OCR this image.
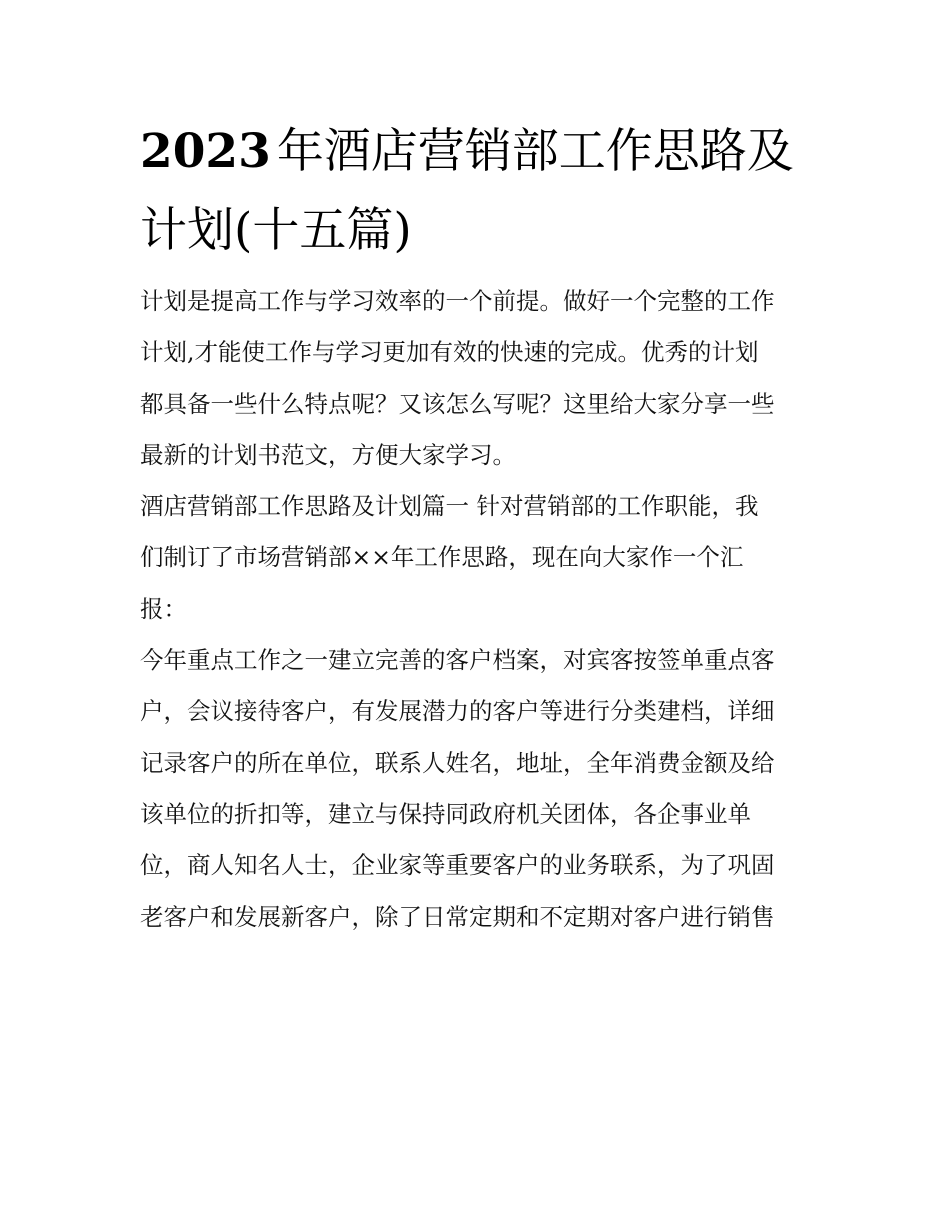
2023 年酒店营销部工作思路及
计划(十五篇)
计划是提高工作与学习效率的一个前提。做好一个完整的工作
计划,才能使工作与学习更加有效的快速的完成。优秀的计划
都具备一些什么特点呢？又该怎么写呢？这里给大家分享一些
最新的计划书范文，方便大家学习。
酒店营销部工作思路及计划篇一 针对营销部的工作职能，我
们制订了市场营销部××年工作思路，现在向大家作一个汇
报：
今年重点工作之一建立完善的客户档案，对宾客按签单重点客
户，会议接待客户，有发展潜力的客户等进行分类建档，详细
记录客户的所在单位，联系人姓名，地址，全年消费金额及给
该单位的折扣等，建立与保持同政府机关团体，各企事业单
位，商人知名人士，企业家等重要客户的业务联系，为了巩固
老客户和发展新客户，除了日常定期和不定期对客户进行销售
